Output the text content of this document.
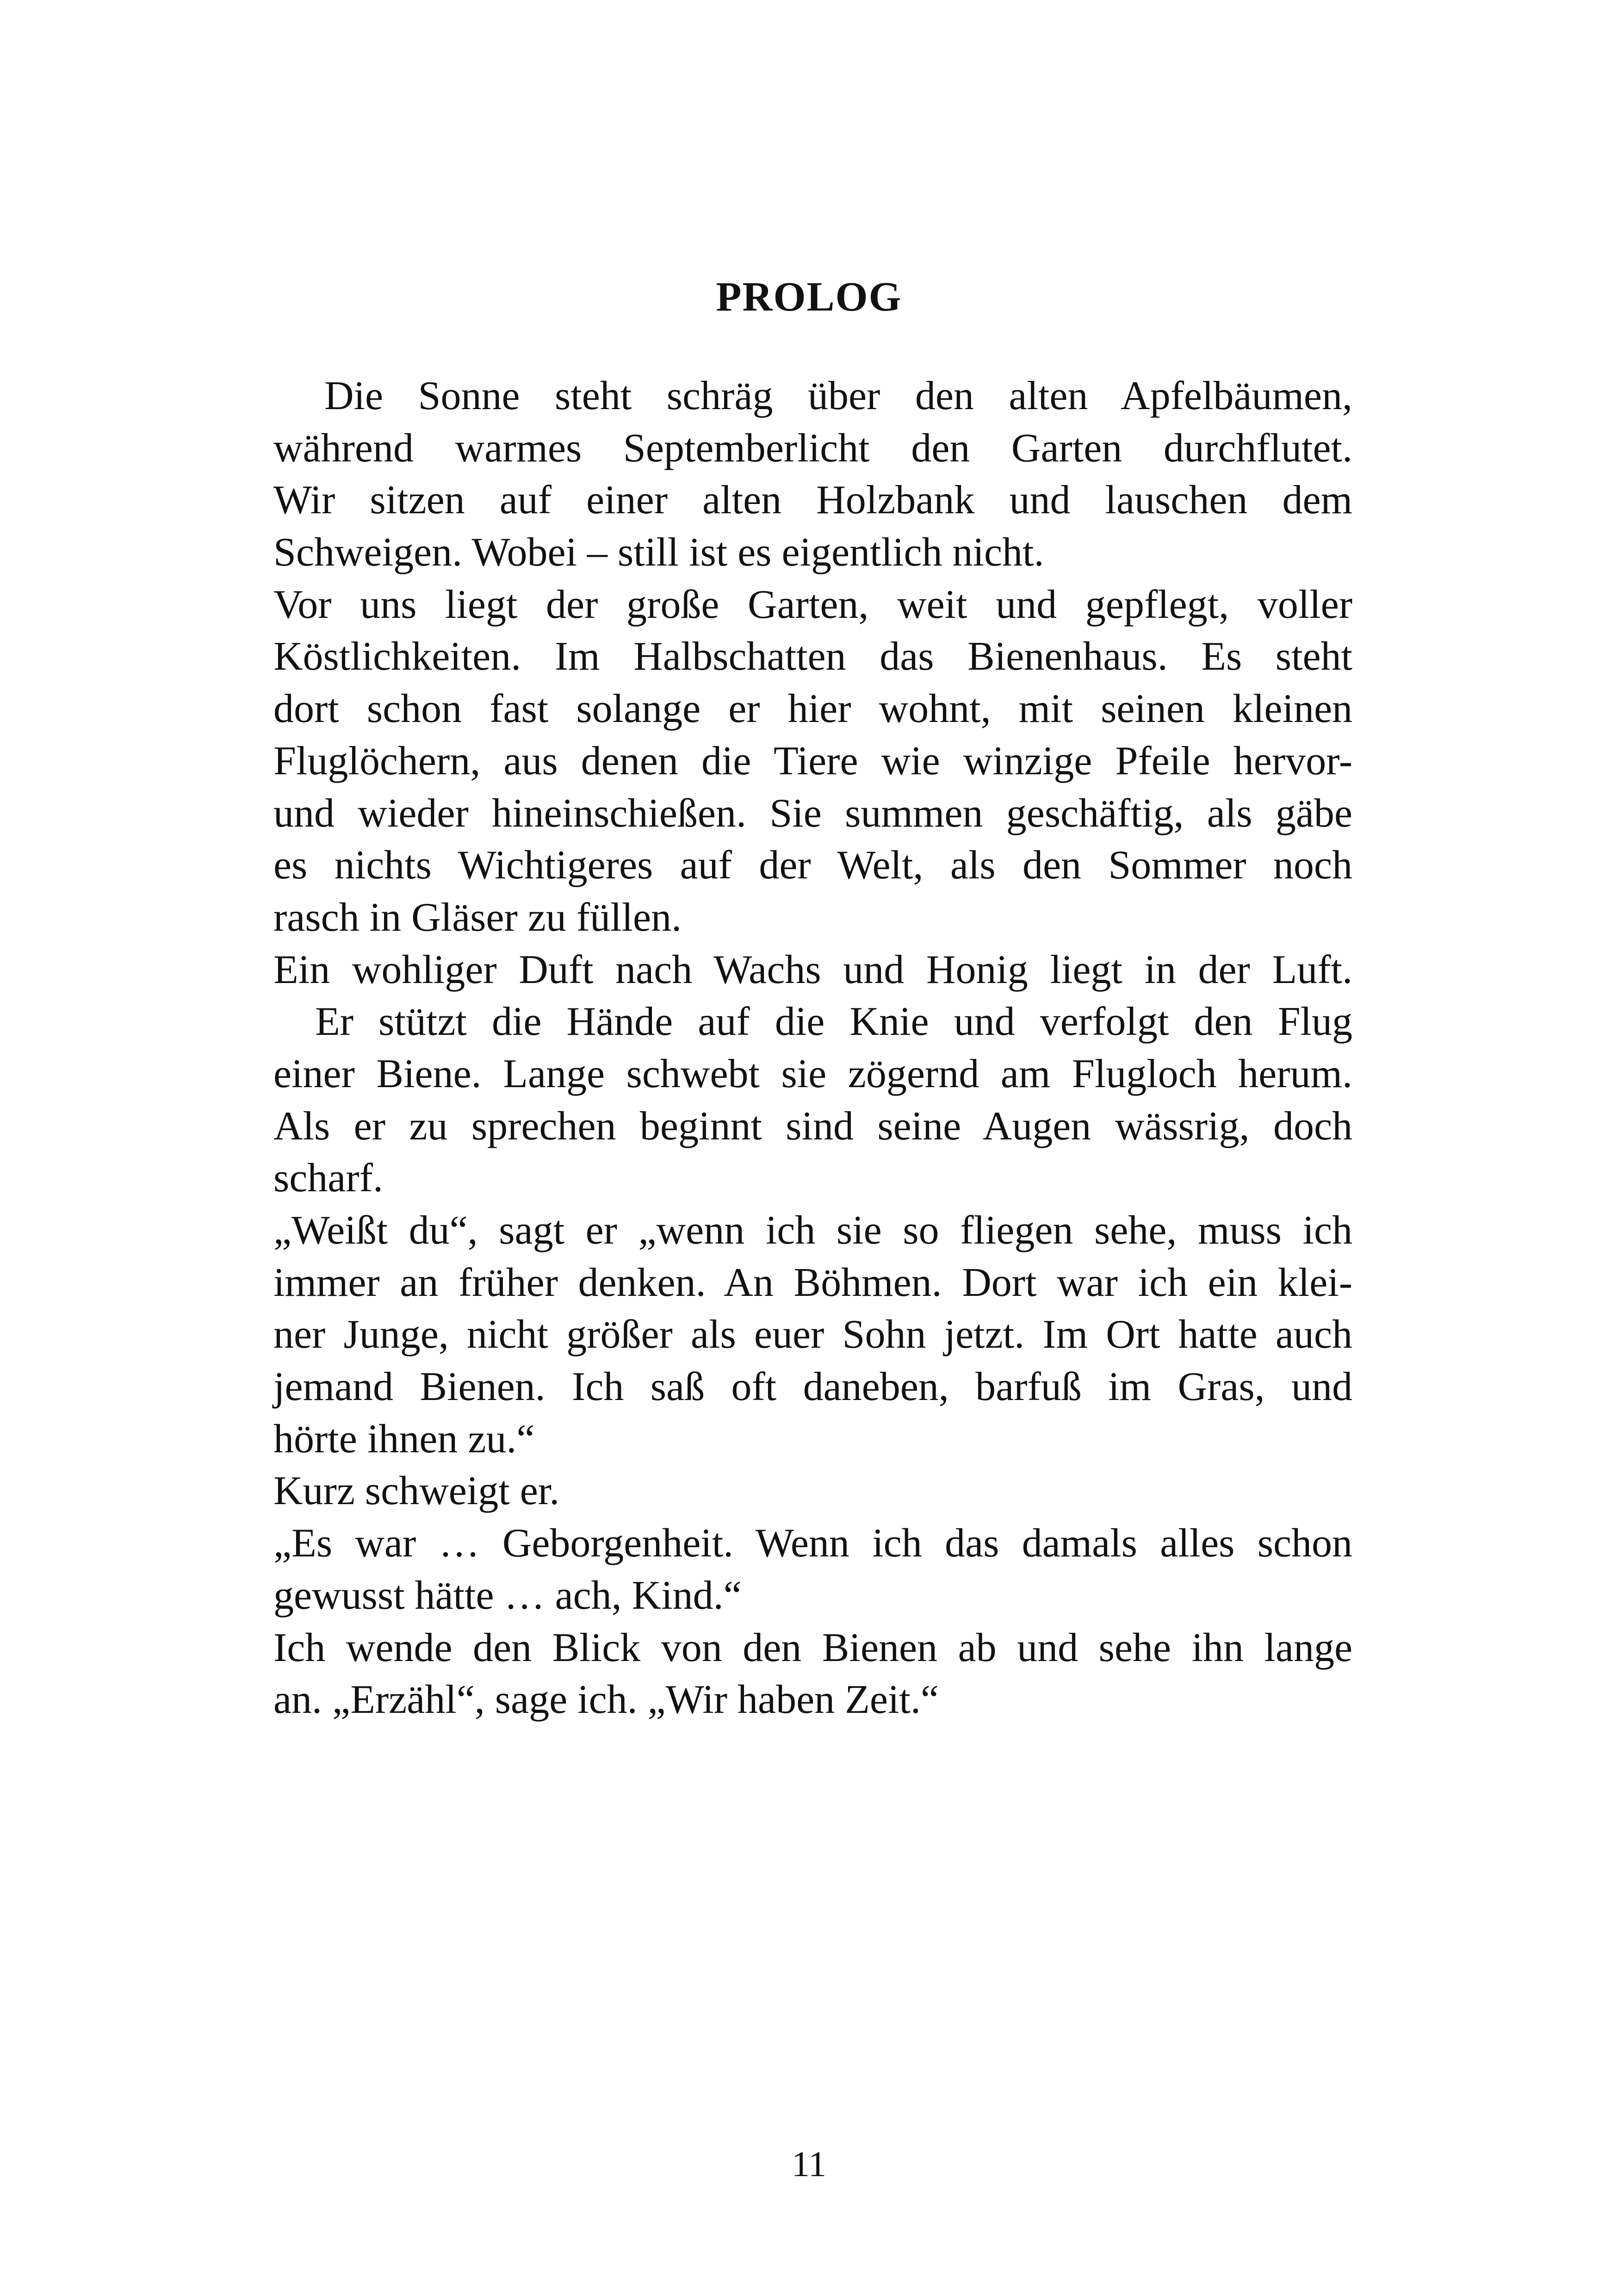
PROLOG
Die Sonne steht schräg über den alten Apfelbäumen,
während warmes Septemberlicht den Garten durchflutet.
Wir sitzen auf einer alten Holzbank und lauschen dem
Schweigen. Wobei – still ist es eigentlich nicht.
Vor uns liegt der große Garten, weit und gepflegt, voller
Köstlichkeiten. Im Halbschatten das Bienenhaus. Es steht
dort schon fast solange er hier wohnt, mit seinen kleinen
Fluglöchern, aus denen die Tiere wie winzige Pfeile hervor-
und wieder hineinschießen. Sie summen geschäftig, als gäbe
es nichts Wichtigeres auf der Welt, als den Sommer noch
rasch in Gläser zu füllen.
Ein wohliger Duft nach Wachs und Honig liegt in der Luft.
Er stützt die Hände auf die Knie und verfolgt den Flug
einer Biene. Lange schwebt sie zögernd am Flugloch herum.
Als er zu sprechen beginnt sind seine Augen wässrig, doch
scharf.
„Weißt du“, sagt er „wenn ich sie so fliegen sehe, muss ich
immer an früher denken. An Böhmen. Dort war ich ein klei-
ner Junge, nicht größer als euer Sohn jetzt. Im Ort hatte auch
jemand Bienen. Ich saß oft daneben, barfuß im Gras, und
hörte ihnen zu.“
Kurz schweigt er.
„Es war … Geborgenheit. Wenn ich das damals alles schon
gewusst hätte … ach, Kind.“
Ich wende den Blick von den Bienen ab und sehe ihn lange
an. „Erzähl“, sage ich. „Wir haben Zeit.“
11
